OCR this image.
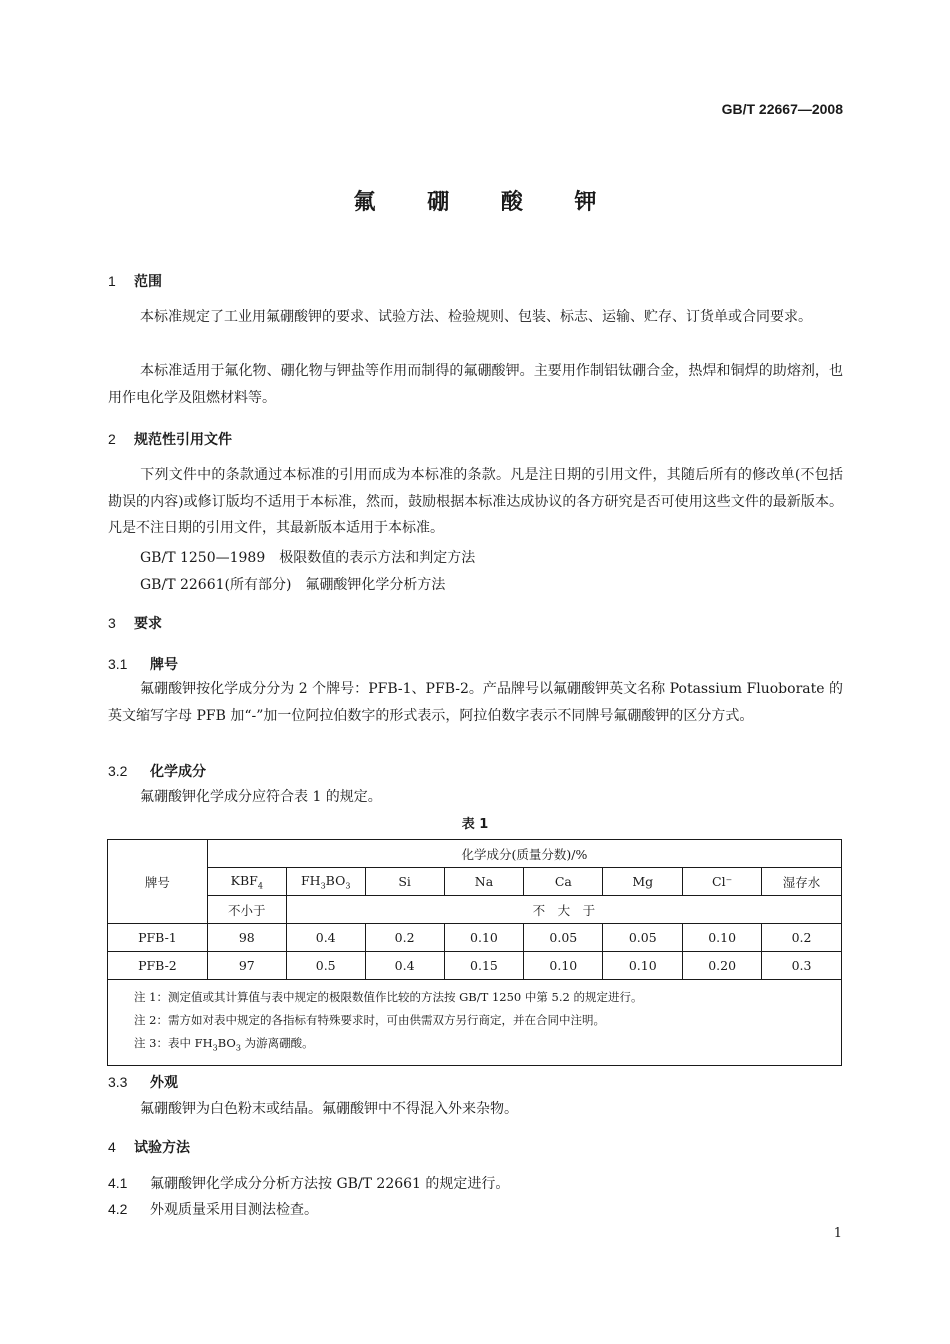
GB/T 22667—2008
氟 硼 酸 钾
1 范围
本标准规定了工业用氟硼酸钾的要求、试验方法、检验规则、包装、标志、运输、贮存、订货单或合同要求。
本标准适用于氟化物、硼化物与钾盐等作用而制得的氟硼酸钾。主要用作制铝钛硼合金，热焊和铜焊的助熔剂，也用作电化学及阻燃材料等。
2 规范性引用文件
下列文件中的条款通过本标准的引用而成为本标准的条款。凡是注日期的引用文件，其随后所有的修改单(不包括勘误的内容)或修订版均不适用于本标准，然而，鼓励根据本标准达成协议的各方研究是否可使用这些文件的最新版本。凡是不注日期的引用文件，其最新版本适用于本标准。
GB/T 1250—1989　极限数值的表示方法和判定方法
GB/T 22661(所有部分)　氟硼酸钾化学分析方法
3 要求
3.1 牌号
氟硼酸钾按化学成分分为 2 个牌号：PFB-1、PFB-2。产品牌号以氟硼酸钾英文名称 Potassium Fluoborate 的英文缩写字母 PFB 加“-”加一位阿拉伯数字的形式表示，阿拉伯数字表示不同牌号氟硼酸钾的区分方式。
3.2 化学成分
氟硼酸钾化学成分应符合表 1 的规定。
表 1
牌号	化学成分(质量分数)/%							
	$KBF_4$	$FH_3BO_3$	Si	Na	Ca	Mg	Cl⁻	湿存水
	不小于	不　大　于						
PFB-1	98	0.4	0.2	0.10	0.05	0.05	0.10	0.2
PFB-2	97	0.5	0.4	0.15	0.10	0.10	0.20	0.3

注 1：测定值或其计算值与表中规定的极限数值作比较的方法按 GB/T 1250 中第 5.2 的规定进行。
注 2：需方如对表中规定的各指标有特殊要求时，可由供需双方另行商定，并在合同中注明。
注 3：表中 $FH_3BO_3$ 为游离硼酸。								
3.3 外观
氟硼酸钾为白色粉末或结晶。氟硼酸钾中不得混入外来杂物。
4 试验方法
4.1 氟硼酸钾化学成分分析方法按 GB/T 22661 的规定进行。
4.2 外观质量采用目测法检查。
1
